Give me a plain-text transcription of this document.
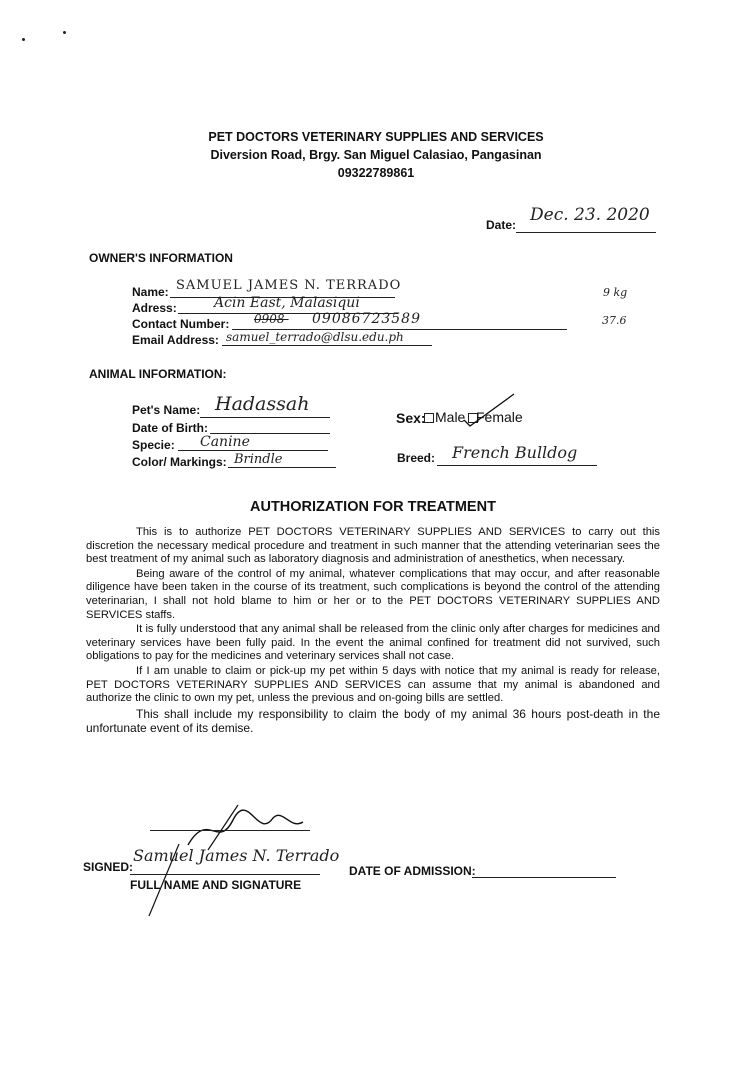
PET DOCTORS VETERINARY SUPPLIES AND SERVICES
Diversion Road, Brgy. San Miguel Calasiao, Pangasinan
09322789861
Date: Dec. 23. 2020
OWNER'S INFORMATION
Name: SAMUEL JAMES N. TERRADO
Adress:	Acin East, Malasiqui
Contact Number: 0908- 09086723589
Email Address: samuel_terrado@dlsu.edu.ph
9 kg
37.6
ANIMAL INFORMATION:
Pet's Name: Hadassah
Date of Birth:
Specie: Canine
Color/ Markings: Brindle
Sex: Male Female
Breed: French Bulldog
AUTHORIZATION FOR TREATMENT

This is to authorize PET DOCTORS VETERINARY SUPPLIES AND SERVICES to carry out this discretion the necessary medical procedure and treatment in such manner that the attending veterinarian sees the best treatment of my animal such as laboratory diagnosis and administration of anesthetics, when necessary.

Being aware of the control of my animal, whatever complications that may occur, and after reasonable diligence have been taken in the course of its treatment, such complications is beyond the control of the attending veterinarian, I shall not hold blame to him or her or to the PET DOCTORS VETERINARY SUPPLIES AND SERVICES staffs.

It is fully understood that any animal shall be released from the clinic only after charges for medicines and veterinary services have been fully paid. In the event the animal confined for treatment did not survived, such obligations to pay for the medicines and veterinary services shall not case.

If I am unable to claim or pick-up my pet within 5 days with notice that my animal is ready for release, PET DOCTORS VETERINARY SUPPLIES AND SERVICES can assume that my animal is abandoned and authorize the clinic to own my pet, unless the previous and on-going bills are settled.

This shall include my responsibility to claim the body of my animal 36 hours post-death in the unfortunate event of its demise.

SIGNED:
Samuel James N. Terrado
FULL NAME AND SIGNATURE
DATE OF ADMISSION:
